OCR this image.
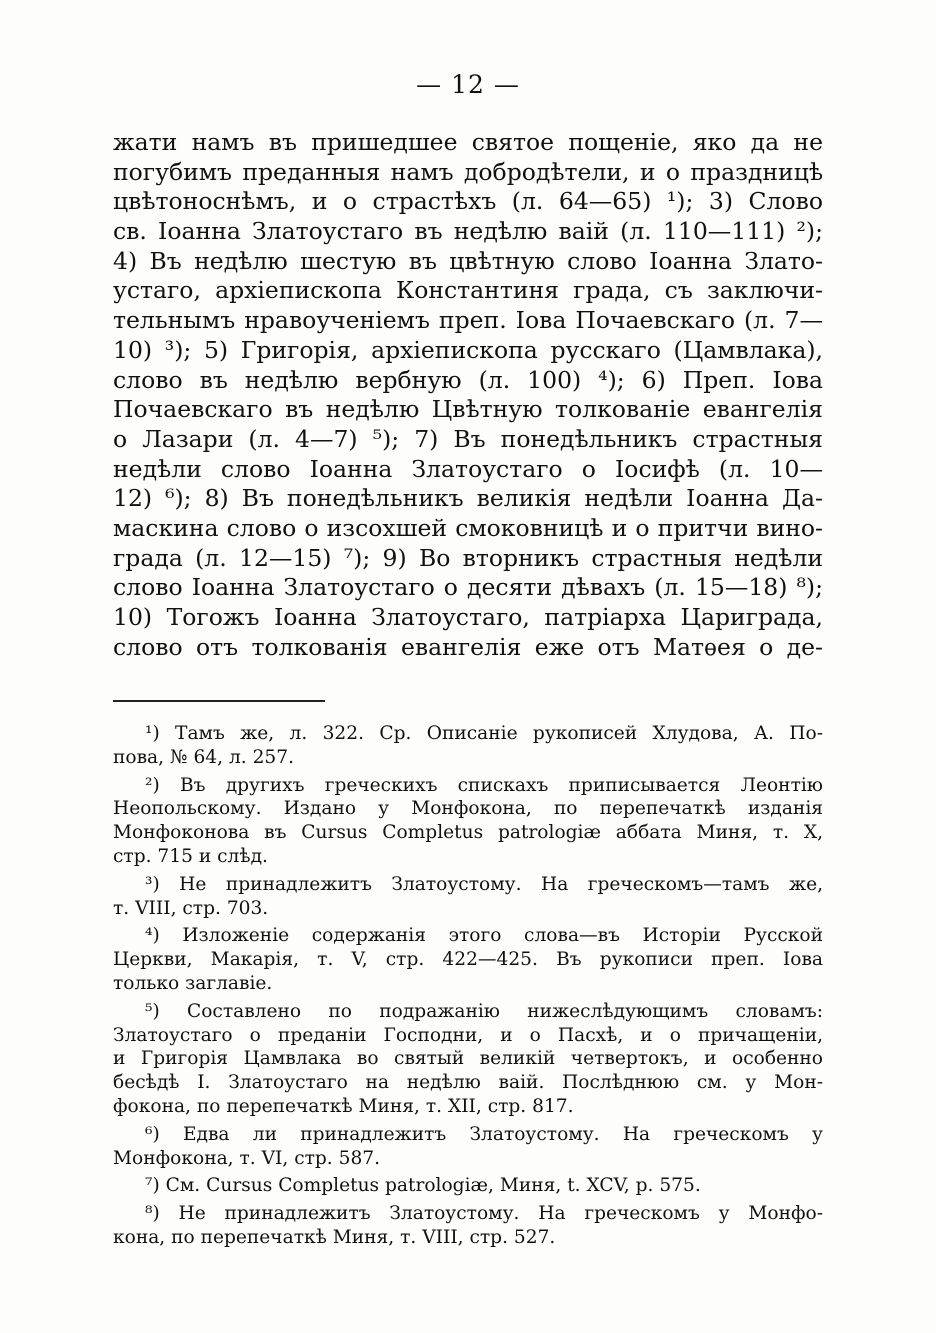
— 12 —
жати намъ въ пришедшее святое пощеніе, яко да не
погубимъ преданныя намъ добродѣтели, и о праздницѣ
цвѣтоноснѣмъ, и о страстѣхъ (л. 64—65) ¹); 3) Слово
св. Іоанна Златоустаго въ недѣлю ваій (л. 110—111) ²);
4) Въ недѣлю шестую въ цвѣтную слово Іоанна Злато-
устаго, архіепископа Константиня града, съ заключи-
тельнымъ нравоученіемъ преп. Іова Почаевскаго (л. 7—
10) ³); 5) Григорія, архіепископа русскаго (Цамвлака),
слово въ недѣлю вербную (л. 100) ⁴); 6) Преп. Іова
Почаевскаго въ недѣлю Цвѣтную толкованіе евангелія
о Лазари (л. 4—7) ⁵); 7) Въ понедѣльникъ страстныя
недѣли слово Іоанна Златоустаго о Іосифѣ (л. 10—
12) ⁶); 8) Въ понедѣльникъ великія недѣли Іоанна Да-
маскина слово о изсохшей смоковницѣ и о притчи вино-
града (л. 12—15) ⁷); 9) Во вторникъ страстныя недѣли
слово Іоанна Златоустаго о десяти дѣвахъ (л. 15—18) ⁸);
10) Тогожъ Іоанна Златоустаго, патріарха Цариграда,
слово отъ толкованія евангелія еже отъ Матѳея о де-
¹) Тамъ же, л. 322. Ср. Описаніе рукописей Хлудова, А. По-
пова, № 64, л. 257.
²) Въ другихъ греческихъ спискахъ приписывается Леонтію
Неопольскому. Издано у Монфокона, по перепечаткѣ изданія
Монфоконова въ Cursus Completus patrologiæ аббата Миня, т. X,
стр. 715 и слѣд.
³) Не принадлежитъ Златоустому. На греческомъ—тамъ же,
т. VIII, стр. 703.
⁴) Изложеніе содержанія этого слова—въ Исторіи Русской
Церкви, Макарія, т. V, стр. 422—425. Въ рукописи преп. Іова
только заглавіе.
⁵) Составлено по подражанію нижеслѣдующимъ словамъ:
Златоустаго о преданіи Господни, и о Пасхѣ, и о причащеніи,
и Григорія Цамвлака во святый великій четвертокъ, и особенно
бесѣдѣ І. Златоустаго на недѣлю ваій. Послѣднюю см. у Мон-
фокона, по перепечаткѣ Миня, т. XII, стр. 817.
⁶) Едва ли принадлежитъ Златоустому. На греческомъ у
Монфокона, т. VI, стр. 587.
⁷) См. Cursus Completus patrologiæ, Миня, t. XCV, p. 575.
⁸) Не принадлежитъ Златоустому. На греческомъ у Монфо-
кона, по перепечаткѣ Миня, т. VIII, стр. 527.
